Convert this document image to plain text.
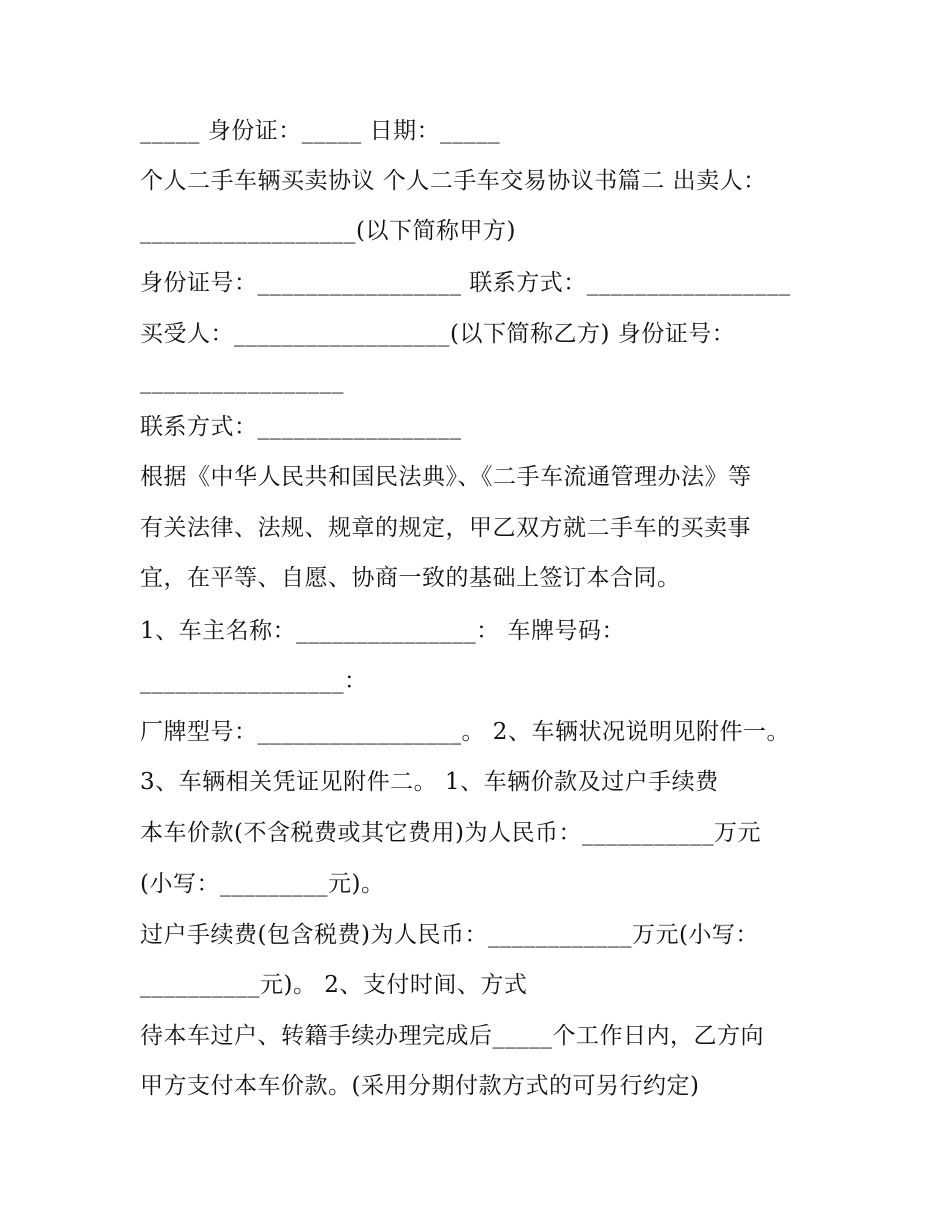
_____ 身份证：_____ 日期：_____
个人二手车辆买卖协议 个人二手车交易协议书篇二 出卖人：
__________________(以下简称甲方)
身份证号：_________________ 联系方式：_________________
买受人：__________________(以下简称乙方) 身份证号：
_________________
联系方式：_________________
根据《中华人民共和国民法典》、《二手车流通管理办法》等
有关法律、法规、规章的规定，甲乙双方就二手车的买卖事
宜，在平等、自愿、协商一致的基础上签订本合同。
1、车主名称：_______________： 车牌号码：
_________________：
厂牌型号：_________________。 2、车辆状况说明见附件一。
3、车辆相关凭证见附件二。 1、车辆价款及过户手续费
本车价款(不含税费或其它费用)为人民币：___________万元
(小写：_________元)。
过户手续费(包含税费)为人民币：____________万元(小写：
__________元)。 2、支付时间、方式
待本车过户、转籍手续办理完成后_____个工作日内，乙方向
甲方支付本车价款。(采用分期付款方式的可另行约定)
